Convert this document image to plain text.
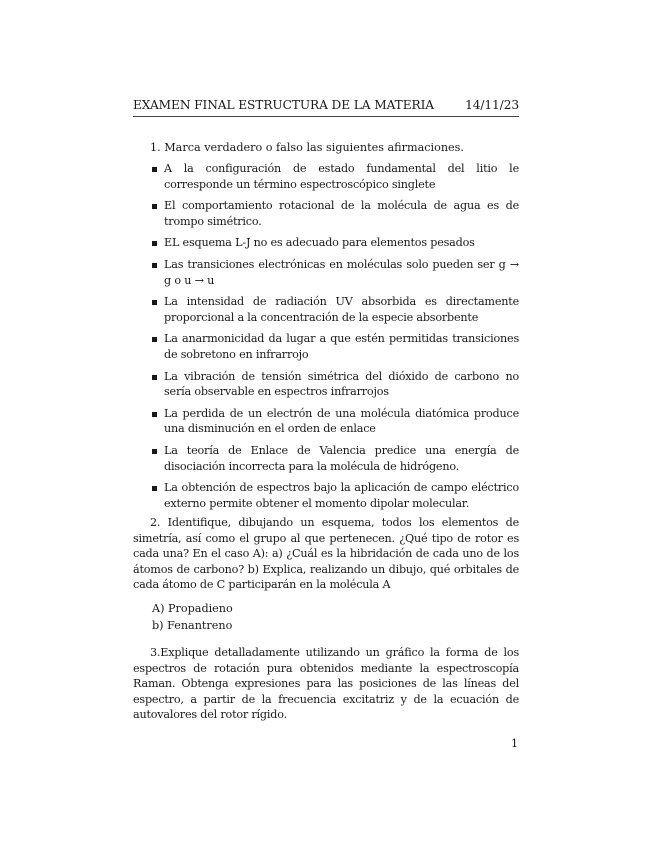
EXAMEN FINAL ESTRUCTURA DE LA MATERIA	14/11/23
1. Marca verdadero o falso las siguientes afirmaciones.
A la configuración de estado fundamental del litio le corresponde un término espectroscópico singlete
El comportamiento rotacional de la molécula de agua es de trompo simétrico.
EL esquema L-J no es adecuado para elementos pesados
Las transiciones electrónicas en moléculas solo pueden ser g → g o u → u
La intensidad de radiación UV absorbida es directamente proporcional a la concentración de la especie absorbente
La anarmonicidad da lugar a que estén permitidas transiciones de sobretono en infrarrojo
La vibración de tensión simétrica del dióxido de carbono no sería observable en espectros infrarrojos
La perdida de un electrón de una molécula diatómica produce una disminución en el orden de enlace
La teoría de Enlace de Valencia predice una energía de disociación incorrecta para la molécula de hidrógeno.
La obtención de espectros bajo la aplicación de campo eléctrico externo permite obtener el momento dipolar molecular.

2. Identifique, dibujando un esquema, todos los elementos de simetría, así como el grupo al que pertenecen. ¿Qué tipo de rotor es cada una? En el caso A): a) ¿Cuál es la hibridación de cada uno de los átomos de carbono? b) Explica, realizando un dibujo, qué orbitales de cada átomo de C participarán en la molécula A

A) Propadieno
b) Fenantreno

3.Explique detalladamente utilizando un gráfico la forma de los espectros de rotación pura obtenidos mediante la espectroscopía Raman. Obtenga expresiones para las posiciones de las líneas del espectro, a partir de la frecuencia excitatriz y de la ecuación de autovalores del rotor rígido.

1
